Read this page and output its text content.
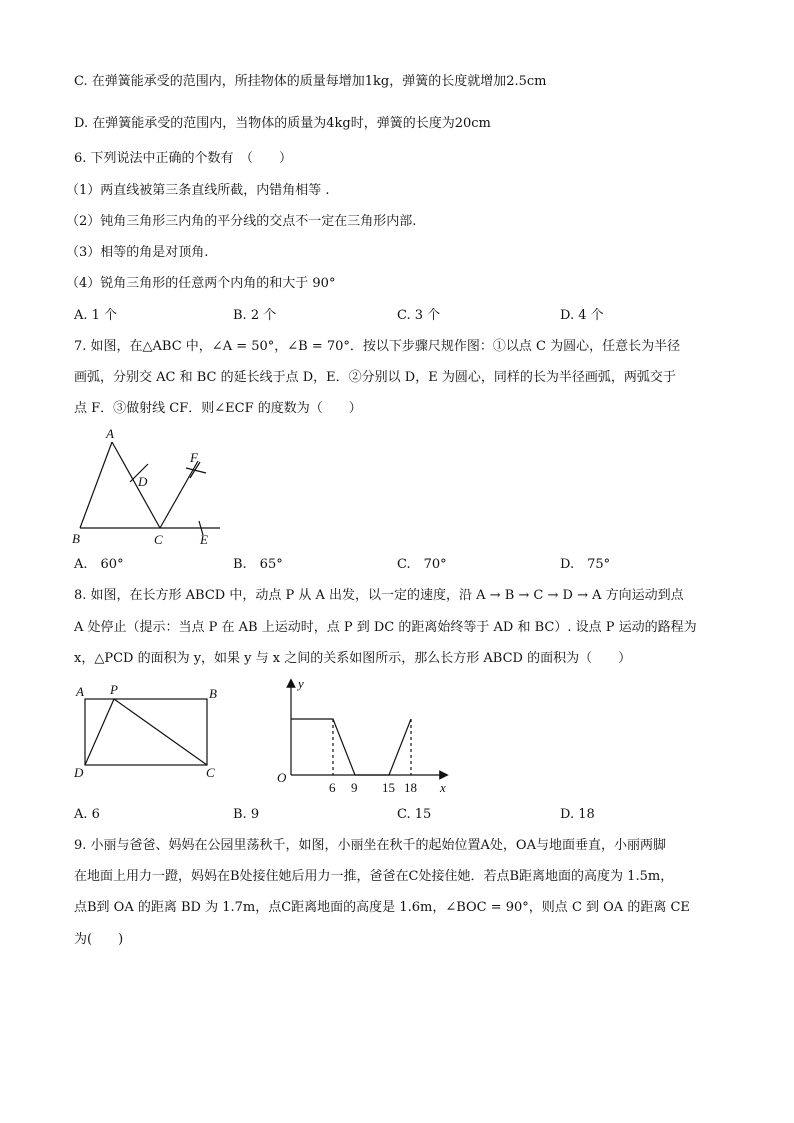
C. 在弹簧能承受的范围内，所挂物体的质量每增加1kg，弹簧的长度就增加2.5cm
D. 在弹簧能承受的范围内，当物体的质量为4kg时，弹簧的长度为20cm
6. 下列说法中正确的个数有　（　　）
（1）两直线被第三条直线所截，内错角相等 .
（2）钝角三角形三内角的平分线的交点不一定在三角形内部.
（3）相等的角是对顶角.
（4）锐角三角形的任意两个内角的和大于 90°
A. 1 个	B. 2 个	C. 3 个	D. 4 个
7. 如图，在△ABC 中，∠A = 50°，∠B = 70°．按以下步骤尺规作图：①以点 C 为圆心，任意长为半径
画弧，分别交 AC 和 BC 的延长线于点 D，E．②分别以 D，E 为圆心，同样的长为半径画弧，两弧交于
点 F．③做射线 CF．则∠ECF 的度数为（　　）
A
B	C
D
E
F
A.　60°	B.　65°	C.　70°	D.　75°
8. 如图，在长方形 ABCD 中，动点 P 从 A 出发，以一定的速度，沿 A → B → C → D → A 方向运动到点
A 处停止（提示：当点 P 在 AB 上运动时，点 P 到 DC 的距离始终等于 AD 和 BC）. 设点 P 运动的路程为
x，△PCD 的面积为 y，如果 y 与 x 之间的关系如图所示，那么长方形 ABCD 的面积为（　　）
A P	B
D	C
y
x
O
6 9 15 18
A. 6	B. 9	C. 15	D. 18
9. 小丽与爸爸、妈妈在公园里荡秋千，如图，小丽坐在秋千的起始位置A处，OA与地面垂直，小丽两脚
在地面上用力一蹬，妈妈在B处接住她后用力一推，爸爸在C处接住她．若点B距离地面的高度为 1.5m，
点B到 OA 的距离 BD 为 1.7m，点C距离地面的高度是 1.6m，∠BOC = 90°，则点 C 到 OA 的距离 CE
为(　　)
